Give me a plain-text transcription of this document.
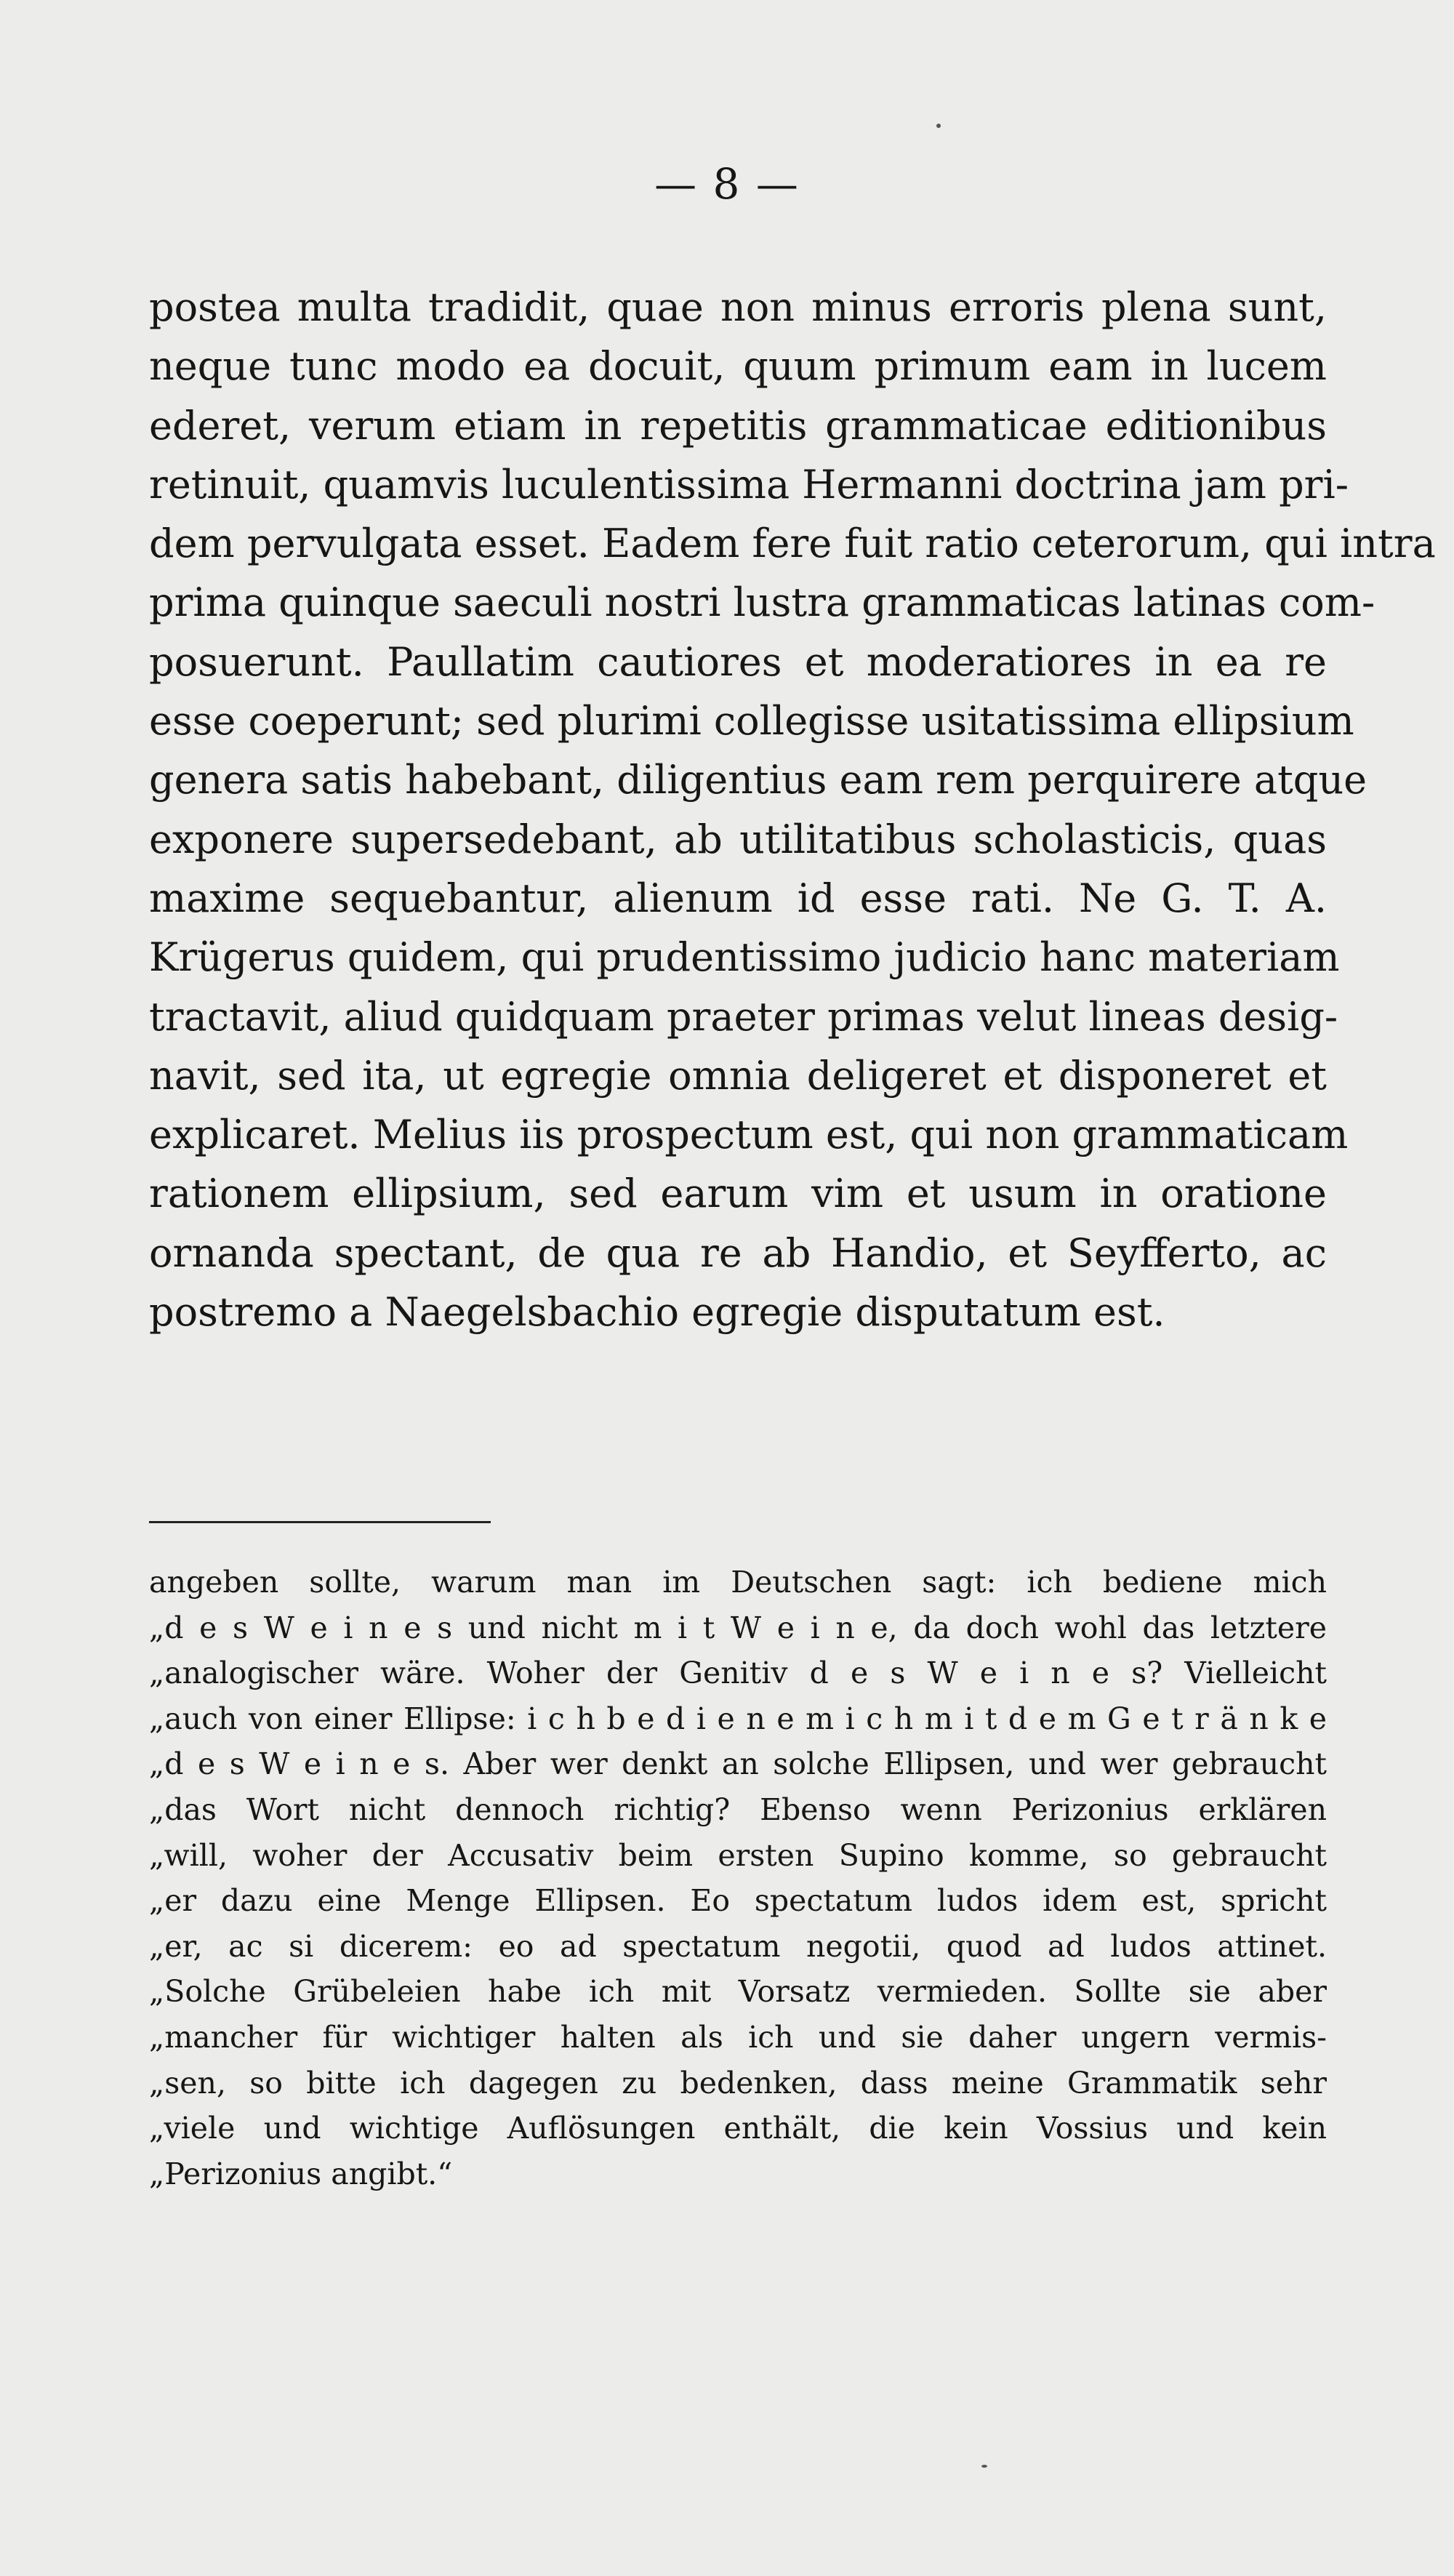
— 8 —
postea multa tradidit, quae non minus erroris plena sunt,
neque tunc modo ea docuit, quum primum eam in lucem
ederet, verum etiam in repetitis grammaticae editionibus
retinuit, quamvis luculentissima Hermanni doctrina jam pri-
dem pervulgata esset. Eadem fere fuit ratio ceterorum, qui intra
prima quinque saeculi nostri lustra grammaticas latinas com-
posuerunt. Paullatim cautiores et moderatiores in ea re
esse coeperunt; sed plurimi collegisse usitatissima ellipsium
genera satis habebant, diligentius eam rem perquirere atque
exponere supersedebant, ab utilitatibus scholasticis, quas
maxime sequebantur, alienum id esse rati. Ne G. T. A.
Krügerus quidem, qui prudentissimo judicio hanc materiam
tractavit, aliud quidquam praeter primas velut lineas desig-
navit, sed ita, ut egregie omnia deligeret et disponeret et
explicaret. Melius iis prospectum est, qui non grammaticam
rationem ellipsium, sed earum vim et usum in oratione
ornanda spectant, de qua re ab Handio, et Seyfferto, ac
postremo a Naegelsbachio egregie disputatum est.
angeben sollte, warum man im Deutschen sagt: ich bediene mich
„d e s W e i n e s und nicht m i t W e i n e, da doch wohl das letztere
„analogischer wäre. Woher der Genitiv d e s W e i n e s? Vielleicht
„auch von einer Ellipse: i c h b e d i e n e m i c h m i t d e m G e t r ä n k e
„d e s W e i n e s. Aber wer denkt an solche Ellipsen, und wer gebraucht
„das Wort nicht dennoch richtig? Ebenso wenn Perizonius erklären
„will, woher der Accusativ beim ersten Supino komme, so gebraucht
„er dazu eine Menge Ellipsen. Eo spectatum ludos idem est, spricht
„er, ac si dicerem: eo ad spectatum negotii, quod ad ludos attinet.
„Solche Grübeleien habe ich mit Vorsatz vermieden. Sollte sie aber
„mancher für wichtiger halten als ich und sie daher ungern vermis-
„sen, so bitte ich dagegen zu bedenken, dass meine Grammatik sehr
„viele und wichtige Auflösungen enthält, die kein Vossius und kein
„Perizonius angibt.“
